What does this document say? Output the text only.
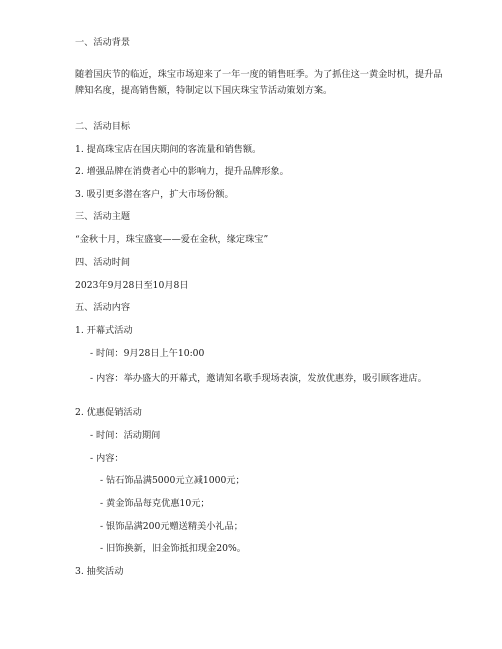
一、活动背景
随着国庆节的临近，珠宝市场迎来了一年一度的销售旺季。为了抓住这一黄金时机，提升品牌知名度，提高销售额，特制定以下国庆珠宝节活动策划方案。
二、活动目标
1. 提高珠宝店在国庆期间的客流量和销售额。
2. 增强品牌在消费者心中的影响力，提升品牌形象。
3. 吸引更多潜在客户，扩大市场份额。
三、活动主题
“金秋十月，珠宝盛宴——爱在金秋，缘定珠宝”
四、活动时间
2023年9月28日至10月8日
五、活动内容
1. 开幕式活动
- 时间：9月28日上午10:00
- 内容：举办盛大的开幕式，邀请知名歌手现场表演，发放优惠券，吸引顾客进店。
2. 优惠促销活动
- 时间：活动期间
- 内容：
- 钻石饰品满5000元立减1000元；
- 黄金饰品每克优惠10元；
- 银饰品满200元赠送精美小礼品；
- 旧饰换新，旧金饰抵扣现金20%。
3. 抽奖活动
